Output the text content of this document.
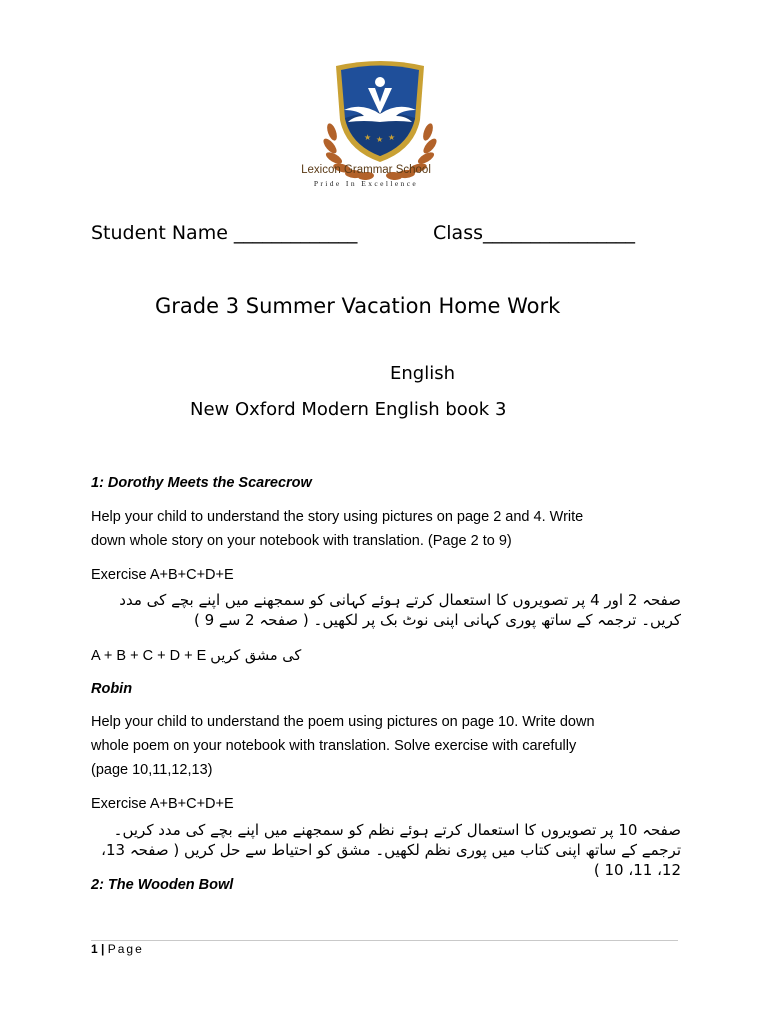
★ ★ ★
Lexicon Grammar School
Pride In Excellence
Student Name _____________	Class________________
Grade 3 Summer Vacation Home Work
English
New Oxford Modern English book 3
1: Dorothy Meets the Scarecrow
Help your child to understand the story using pictures on page 2 and 4. Write
down whole story on your notebook with translation. (Page 2 to 9)
Exercise A+B+C+D+E
صفحہ 2 اور 4 پر تصویروں کا استعمال کرتے ہوئے کہانی کو سمجھنے میں اپنے بچے کی مدد کریں۔ ترجمہ کے ساتھ پوری کہانی اپنی نوٹ بک پر لکھیں۔ ( صفحہ 2 سے 9 )
A + B + C + D + E کی مشق کریں
Robin
Help your child to understand the poem using pictures on page 10. Write down
whole poem on your notebook with translation. Solve exercise with carefully
(page 10,11,12,13)
Exercise A+B+C+D+E
صفحہ 10 پر تصویروں کا استعمال کرتے ہوئے نظم کو سمجھنے میں اپنے بچے کی مدد کریں۔ ترجمے کے ساتھ اپنی کتاب میں پوری نظم لکھیں۔ مشق کو احتیاط سے حل کریں ( صفحہ 13، 12، 11، 10 )
2: The Wooden Bowl
1 | Page
